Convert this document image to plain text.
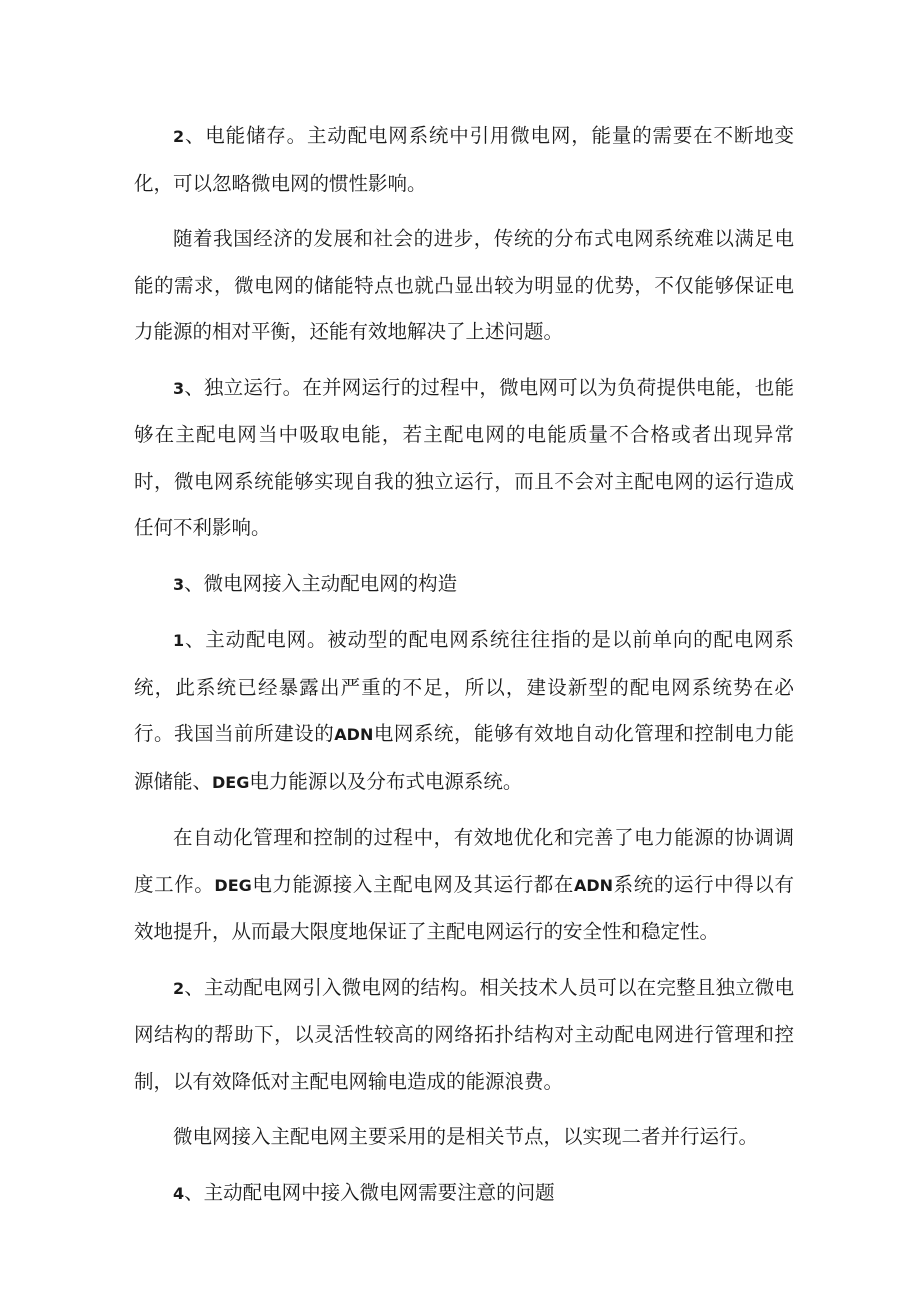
2、电能储存。主动配电网系统中引用微电网，能量的需要在不断地变化，可以忽略微电网的惯性影响。

随着我国经济的发展和社会的进步，传统的分布式电网系统难以满足电能的需求，微电网的储能特点也就凸显出较为明显的优势，不仅能够保证电力能源的相对平衡，还能有效地解决了上述问题。

3、独立运行。在并网运行的过程中，微电网可以为负荷提供电能，也能够在主配电网当中吸取电能，若主配电网的电能质量不合格或者出现异常时，微电网系统能够实现自我的独立运行，而且不会对主配电网的运行造成任何不利影响。

3、微电网接入主动配电网的构造

1、主动配电网。被动型的配电网系统往往指的是以前单向的配电网系统，此系统已经暴露出严重的不足，所以，建设新型的配电网系统势在必行。我国当前所建设的ADN电网系统，能够有效地自动化管理和控制电力能源储能、DEG电力能源以及分布式电源系统。

在自动化管理和控制的过程中，有效地优化和完善了电力能源的协调调度工作。DEG电力能源接入主配电网及其运行都在ADN系统的运行中得以有效地提升，从而最大限度地保证了主配电网运行的安全性和稳定性。

2、主动配电网引入微电网的结构。相关技术人员可以在完整且独立微电网结构的帮助下，以灵活性较高的网络拓扑结构对主动配电网进行管理和控制，以有效降低对主配电网输电造成的能源浪费。

微电网接入主配电网主要采用的是相关节点，以实现二者并行运行。

4、主动配电网中接入微电网需要注意的问题
